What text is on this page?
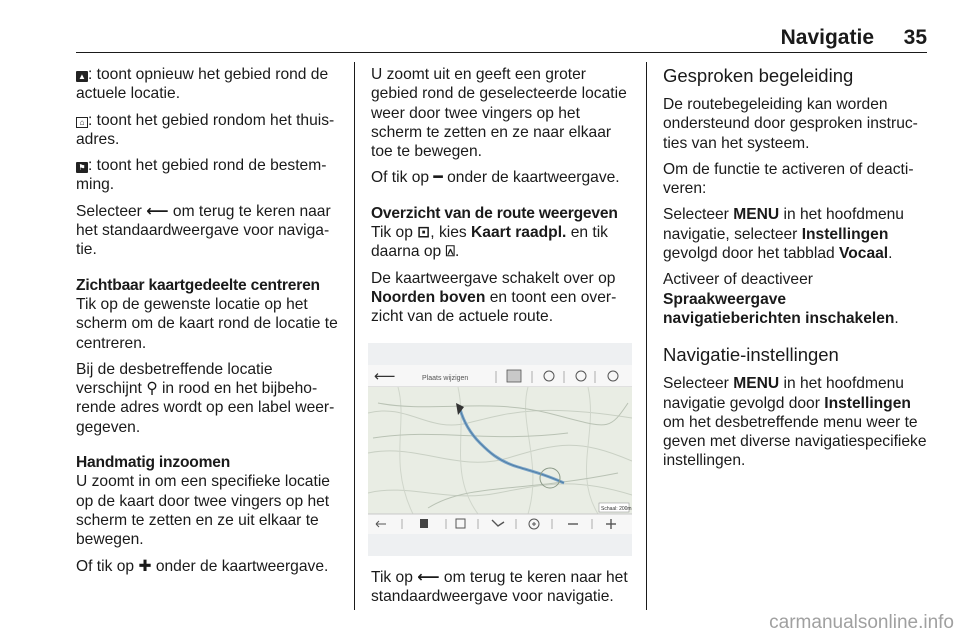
Navigatie 35

▲ : toont opnieuw het gebied rond de actuele locatie.

⌂ : toont het gebied rondom het thuisadres.

⚑ : toont het gebied rond de bestemming.

Selecteer ⟵ om terug te keren naar het standaardweergave voor navigatie.

Zichtbaar kaartgedeelte centreren
Tik op de gewenste locatie op het scherm om de kaart rond de locatie te centreren.

Bij de desbetreffende locatie verschijnt ⚲ in rood en het bijbehorende adres wordt op een label weergegeven.

Handmatig inzoomen
U zoomt in om een specifieke locatie op de kaart door twee vingers op het scherm te zetten en ze uit elkaar te bewegen.

Of tik op ✚ onder de kaartweergave.

U zoomt uit en geeft een groter gebied rond de geselecteerde locatie weer door twee vingers op het scherm te zetten en ze naar elkaar toe te bewegen.

Of tik op ━ onder de kaartweergave.

Overzicht van de route weergeven
Tik op ⊡, kies Kaart raadpl. en tik daarna op ⍓.

De kaartweergave schakelt over op Noorden boven en toont een overzicht van de actuele route.

⟵	Plaats wijzigen
Schaal: 200m

Tik op ⟵ om terug te keren naar het standaardweergave voor navigatie.

Gesproken begeleiding

De routebegeleiding kan worden ondersteund door gesproken instructies van het systeem.

Om de functie te activeren of deactiveren:

Selecteer MENU in het hoofdmenu navigatie, selecteer Instellingen gevolgd door het tabblad Vocaal.

Activeer of deactiveer
Spraakweergave navigatieberichten inschakelen.

Navigatie-instellingen

Selecteer MENU in het hoofdmenu navigatie gevolgd door Instellingen om het desbetreffende menu weer te geven met diverse navigatiespecifieke instellingen.

carmanualsonline.info
